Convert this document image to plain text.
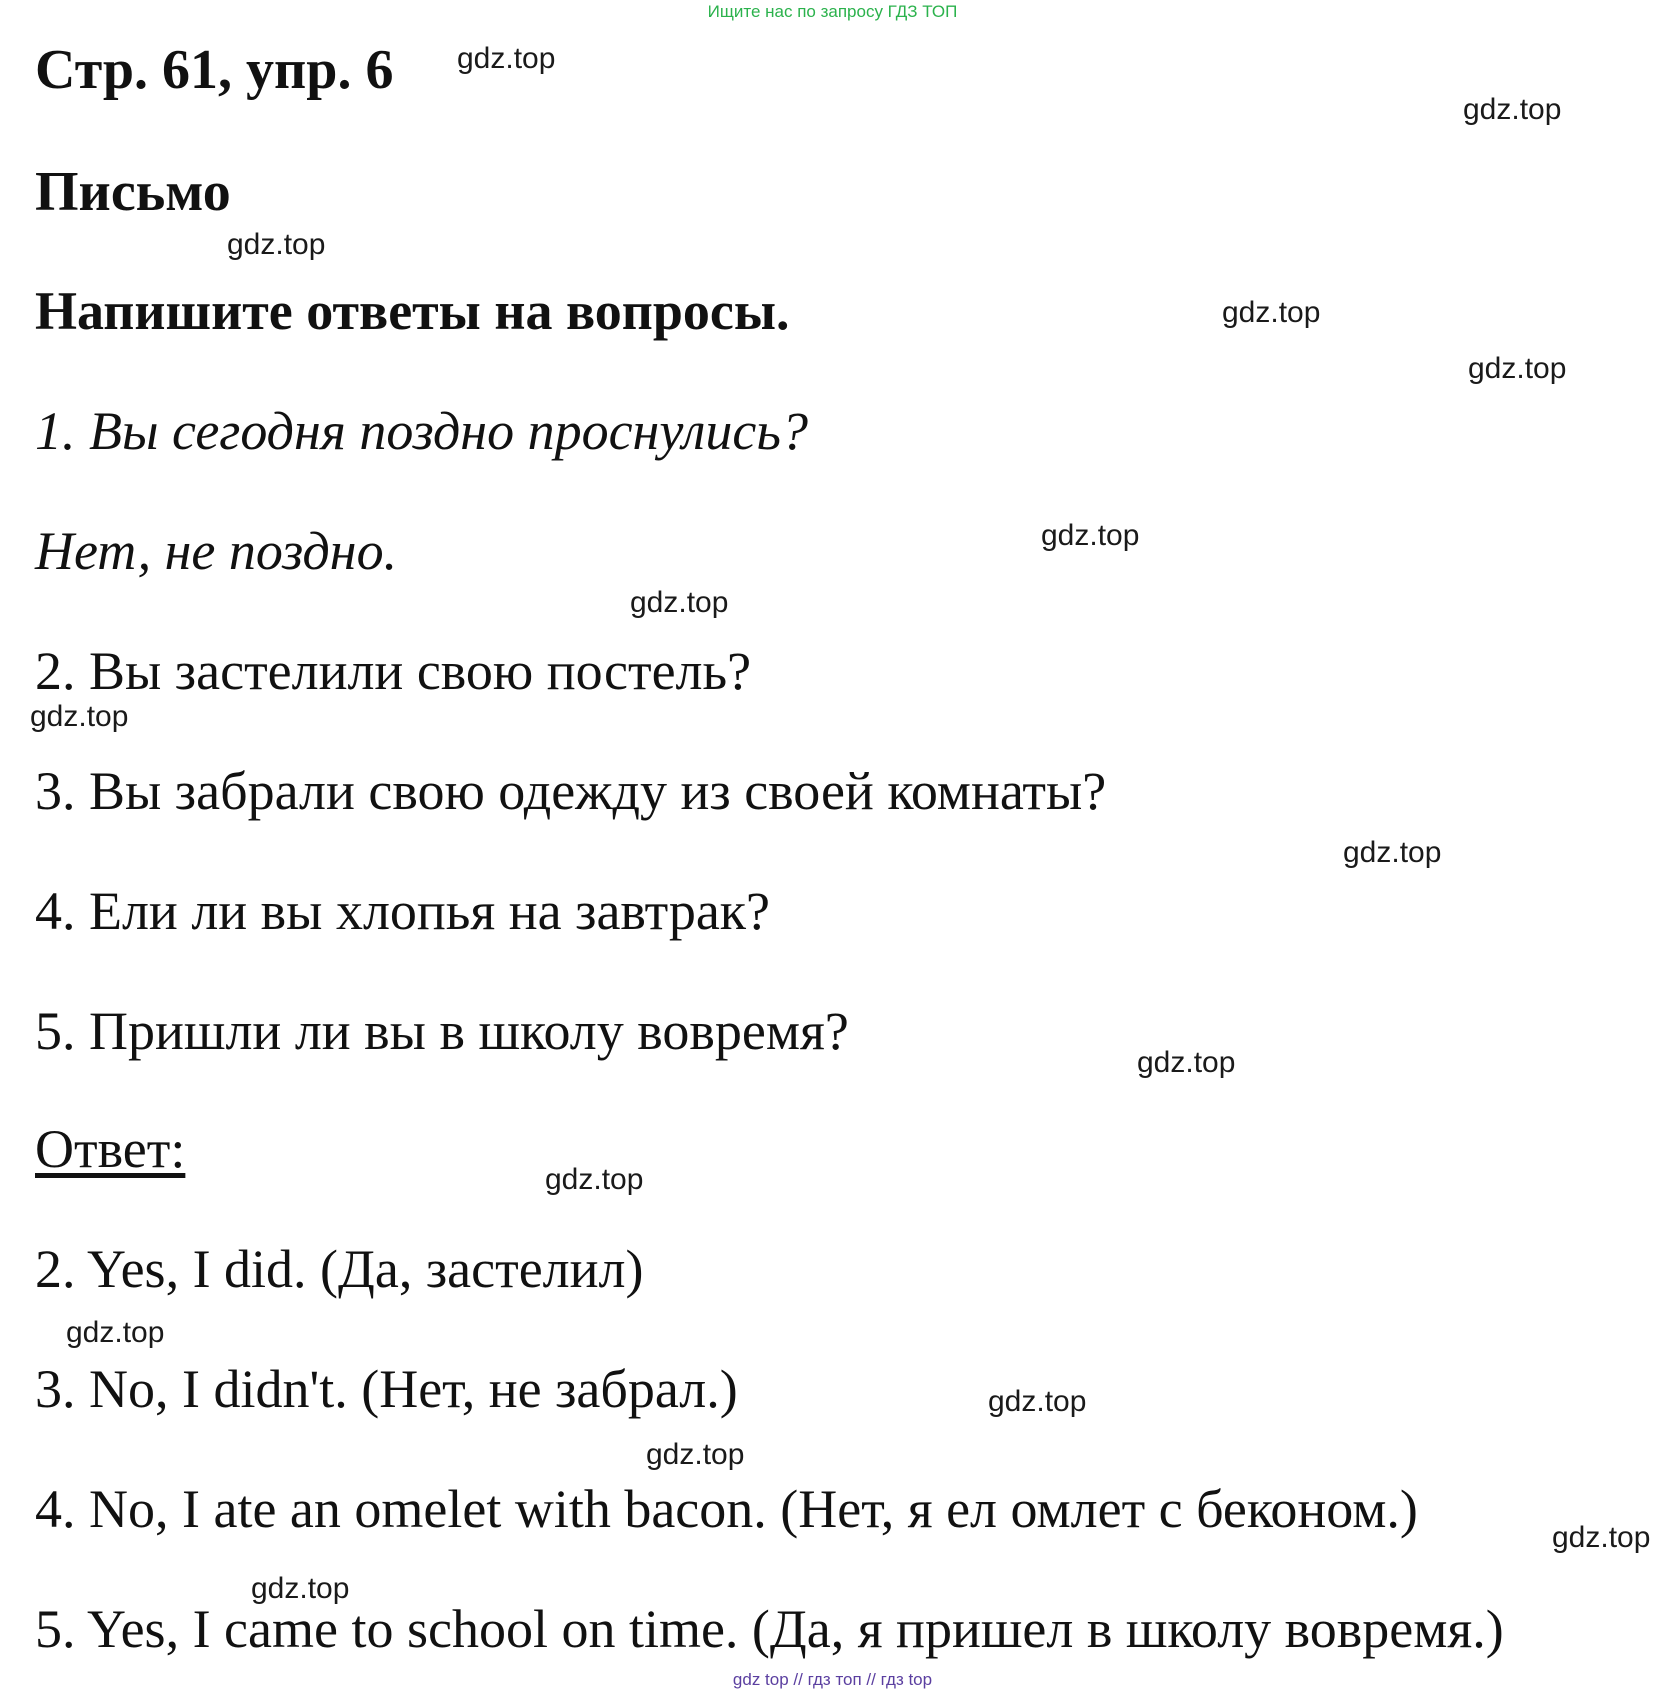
Ищите нас по запросу ГДЗ ТОП
Стр. 61, упр. 6
Письмо
Напишите ответы на вопросы.
1. Вы сегодня поздно проснулись?
Нет, не поздно.
2. Вы застелили свою постель?
3. Вы забрали свою одежду из своей комнаты?
4. Ели ли вы хлопья на завтрак?
5. Пришли ли вы в школу вовремя?
Ответ:
2. Yes, I did. (Да, застелил)
3. No, I didn't. (Нет, не забрал.)
4. No, I ate an omelet with bacon. (Нет, я ел омлет с беконом.)
5. Yes, I came to school on time. (Да, я пришел в школу вовремя.)
gdz.top
gdz.top
gdz.top
gdz.top
gdz.top
gdz.top
gdz.top
gdz.top
gdz.top
gdz.top
gdz.top
gdz.top
gdz.top
gdz.top
gdz.top
gdz.top
gdz top // гдз топ // гдз top
